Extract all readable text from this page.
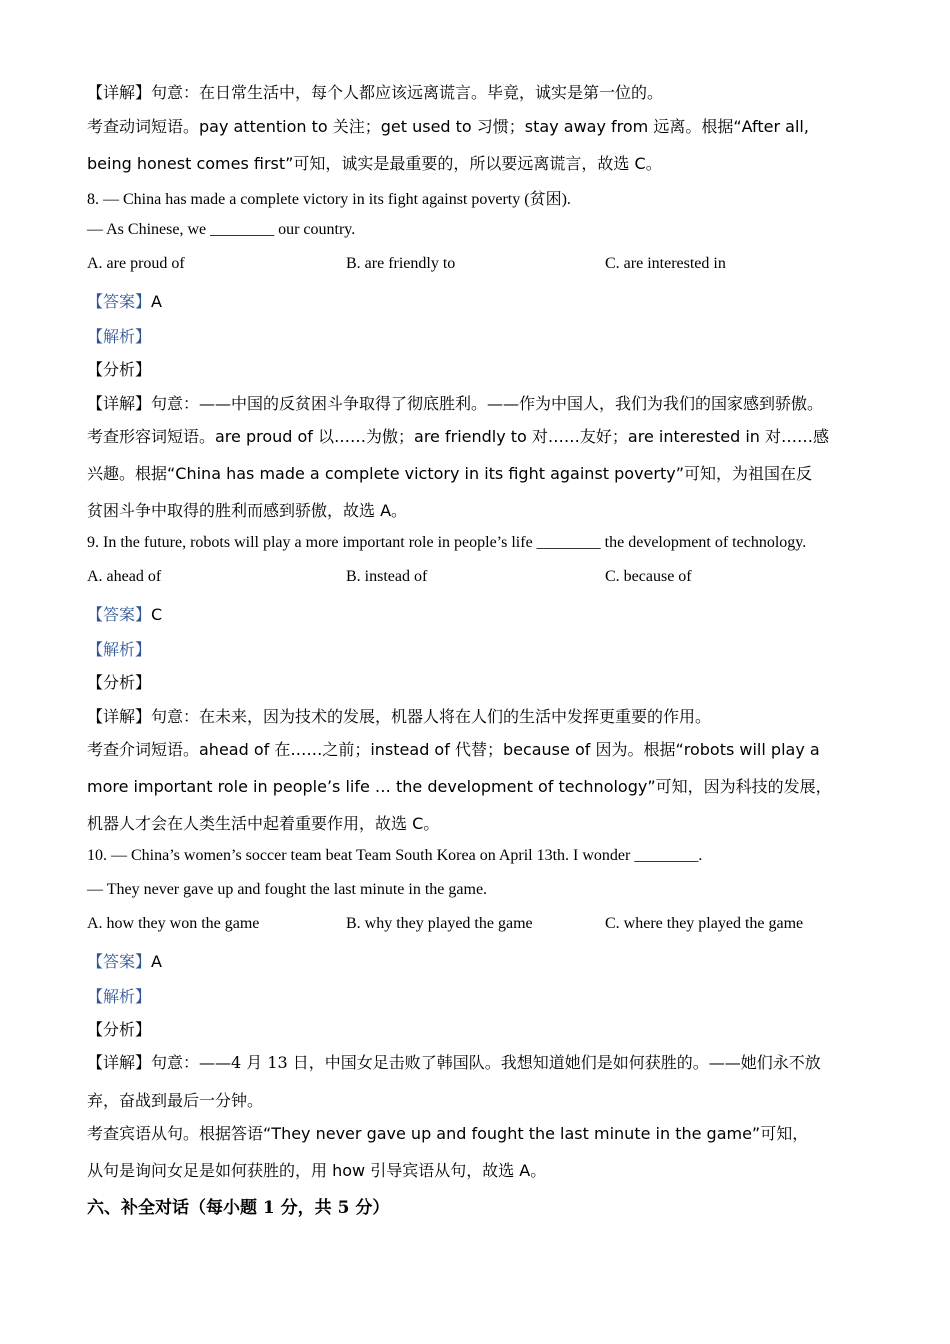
【详解】句意：在日常生活中，每个人都应该远离谎言。毕竟，诚实是第一位的。
考查动词短语。pay attention to 关注；get used to 习惯；stay away from 远离。根据“After all,
being honest comes first”可知，诚实是最重要的，所以要远离谎言，故选 C。
8. — China has made a complete victory in its fight against poverty (贫困).
— As Chinese, we ________ our country.
A. are proud of	B. are friendly to	C. are interested in
【答案】A
【解析】
【分析】
【详解】句意：——中国的反贫困斗争取得了彻底胜利。——作为中国人，我们为我们的国家感到骄傲。
考查形容词短语。are proud of 以……为傲；are friendly to 对……友好；are interested in 对……感
兴趣。根据“China has made a complete victory in its fight against poverty”可知，为祖国在反
贫困斗争中取得的胜利而感到骄傲，故选 A。
9. In the future, robots will play a more important role in people’s life ________ the development of technology.
A. ahead of	B. instead of	C. because of
【答案】C
【解析】
【分析】
【详解】句意：在未来，因为技术的发展，机器人将在人们的生活中发挥更重要的作用。
考查介词短语。ahead of 在……之前；instead of 代替；because of 因为。根据“robots will play a
more important role in people’s life … the development of technology”可知，因为科技的发展，
机器人才会在人类生活中起着重要作用，故选 C。
10. — China’s women’s soccer team beat Team South Korea on April 13th. I wonder ________.
— They never gave up and fought the last minute in the game.
A. how they won the game	B. why they played the game	C. where they played the game
【答案】A
【解析】
【分析】
【详解】句意：——4 月 13 日，中国女足击败了韩国队。我想知道她们是如何获胜的。——她们永不放
弃，奋战到最后一分钟。
考查宾语从句。根据答语“They never gave up and fought the last minute in the game”可知，
从句是询问女足是如何获胜的，用 how 引导宾语从句，故选 A。
六、补全对话（每小题 1 分，共 5 分）
